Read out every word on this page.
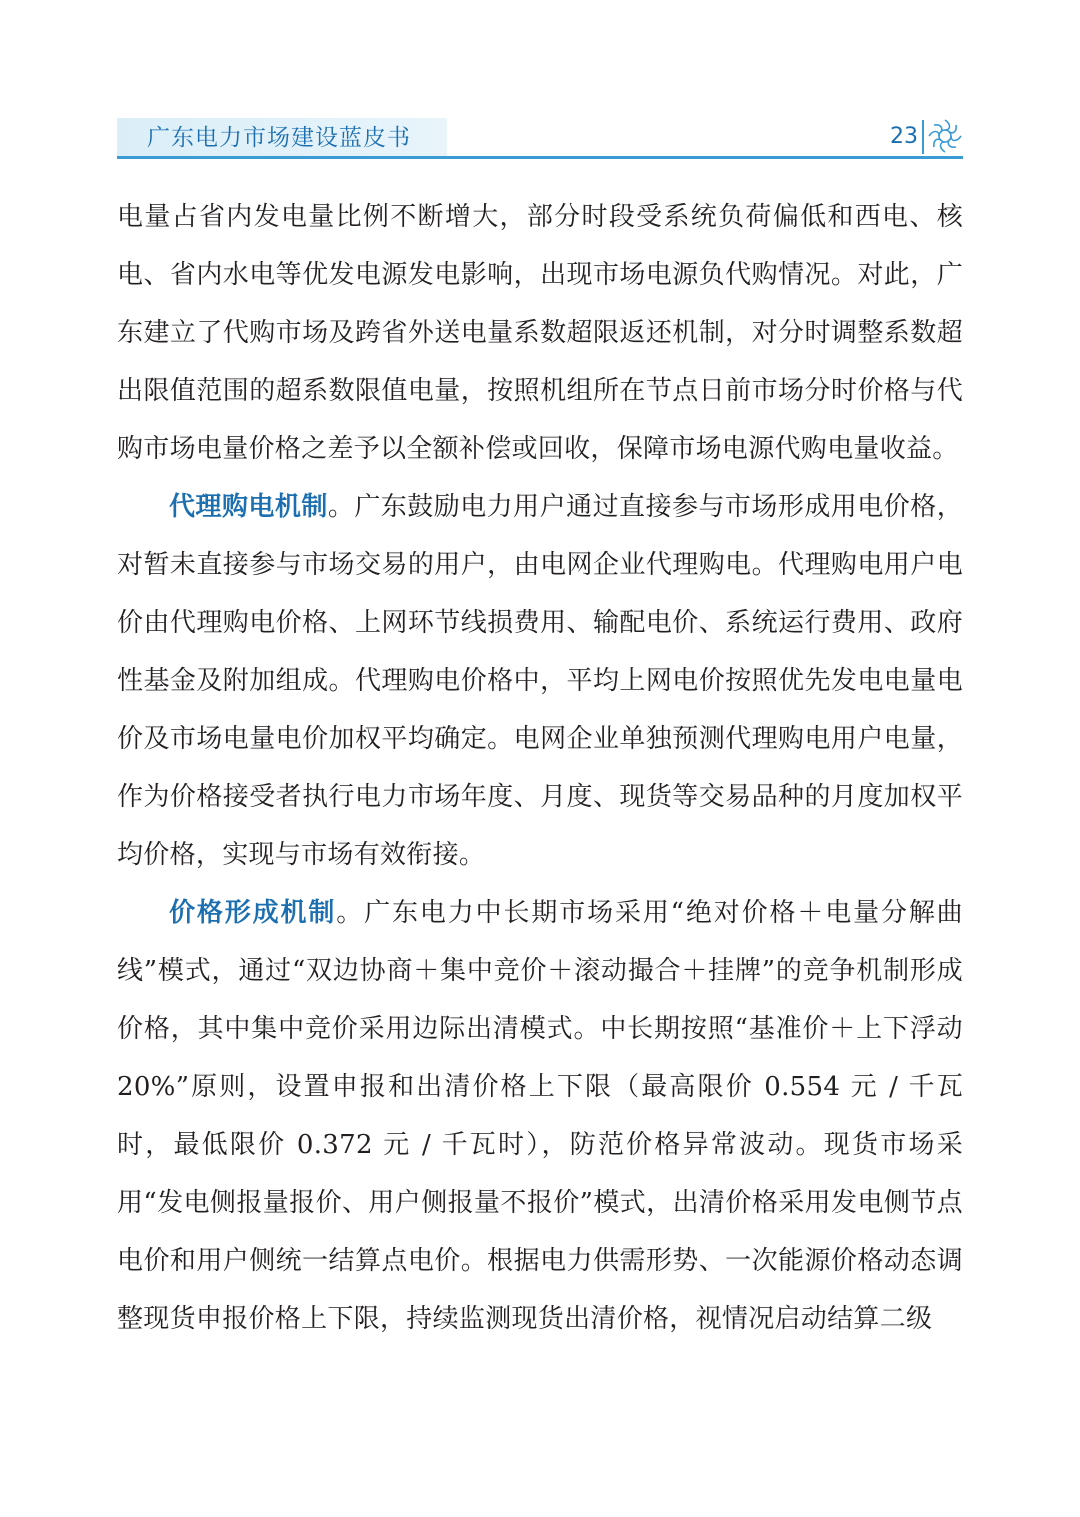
广东电力市场建设蓝皮书	23

电量占省内发电量比例不断增大，部分时段受系统负荷偏低和西电、核电、省内水电等优发电源发电影响，出现市场电源负代购情况。对此，广东建立了代购市场及跨省外送电量系数超限返还机制，对分时调整系数超出限值范围的超系数限值电量，按照机组所在节点日前市场分时价格与代购市场电量价格之差予以全额补偿或回收，保障市场电源代购电量收益。

代理购电机制。广东鼓励电力用户通过直接参与市场形成用电价格，对暂未直接参与市场交易的用户，由电网企业代理购电。代理购电用户电价由代理购电价格、上网环节线损费用、输配电价、系统运行费用、政府性基金及附加组成。代理购电价格中，平均上网电价按照优先发电电量电价及市场电量电价加权平均确定。电网企业单独预测代理购电用户电量，作为价格接受者执行电力市场年度、月度、现货等交易品种的月度加权平均价格，实现与市场有效衔接。

价格形成机制。广东电力中长期市场采用“绝对价格＋电量分解曲线”模式，通过“双边协商＋集中竞价＋滚动撮合＋挂牌”的竞争机制形成价格，其中集中竞价采用边际出清模式。中长期按照“基准价＋上下浮动 20%”原则，设置申报和出清价格上下限（最高限价 0.554 元 / 千瓦时，最低限价 0.372 元 / 千瓦时），防范价格异常波动。现货市场采用“发电侧报量报价、用户侧报量不报价”模式，出清价格采用发电侧节点电价和用户侧统一结算点电价。根据电力供需形势、一次能源价格动态调整现货申报价格上下限，持续监测现货出清价格，视情况启动结算二级
